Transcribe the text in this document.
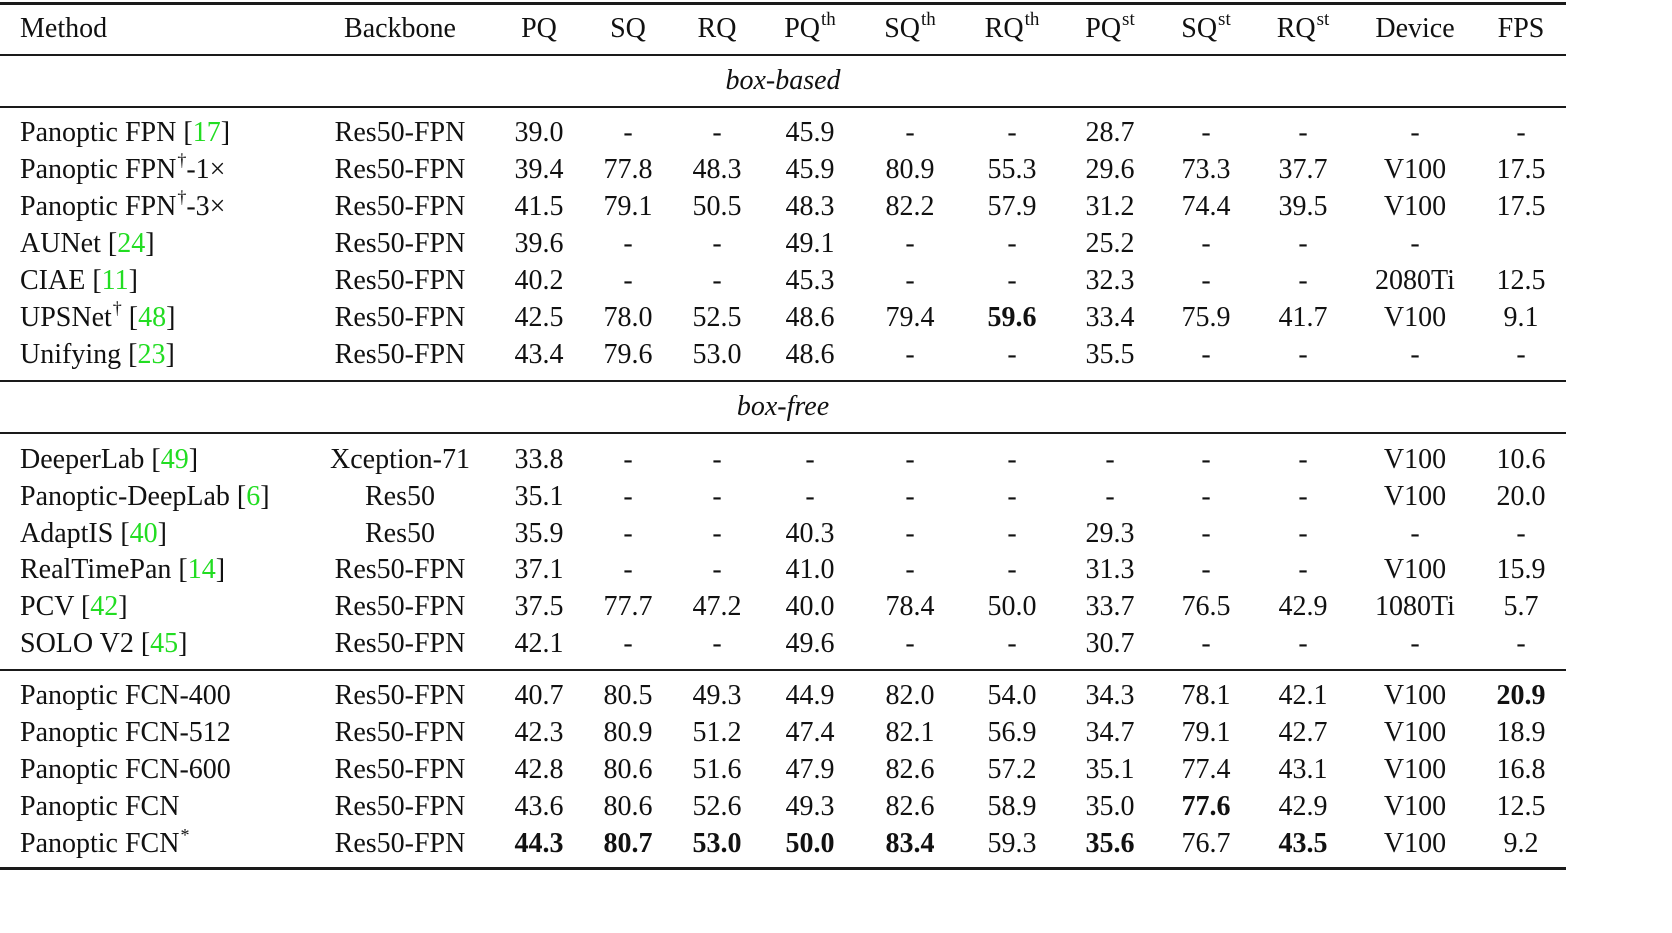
Method	Backbone PQ SQ RQ $PQ^{th}$ $SQ^{th}$ $RQ^{th}$ $PQ^{st}$ $SQ^{st}$ $RQ^{st}$ Device FPS
box-based
box-free
Panoptic FPN [17]	Res50-FPN 39.0 -	- 45.9	-	- 28.7 -	-	-	-
Panoptic FPN†-1×	Res50-FPN 39.4 77.8 48.3 45.9 80.9 55.3 29.6 73.3 37.7 V100 17.5
Panoptic FPN†-3×	Res50-FPN 41.5 79.1 50.5 48.3 82.2 57.9 31.2 74.4 39.5 V100 17.5
AUNet [24]	Res50-FPN 39.6 -	- 49.1	-	- 25.2 -	-	-
CIAE [11]	Res50-FPN 40.2 -	- 45.3	-	- 32.3 -	- 2080Ti 12.5
UPSNet† [48]	Res50-FPN 42.5 78.0 52.5 48.6 79.4 59.6 33.4 75.9 41.7 V100 9.1
Unifying [23]	Res50-FPN 43.4 79.6 53.0 48.6	-	- 35.5 -	-	-	-
DeeperLab [49]	Xception-71 33.8 -	-	-	-	-	-	-	-	V100 10.6
Panoptic-DeepLab [6]	Res50	35.1 -	-	-	-	-	-	-	-	V100 20.0
AdaptIS [40]	Res50	35.9 -	- 40.3	-	- 29.3 -	-	-	-
RealTimePan [14]	Res50-FPN 37.1 -	- 41.0	-	- 31.3 -	-	V100 15.9
PCV [42]	Res50-FPN 37.5 77.7 47.2 40.0 78.4 50.0 33.7 76.5 42.9 1080Ti 5.7
SOLO V2 [45]	Res50-FPN 42.1 -	- 49.6	-	- 30.7 -	-	-	-
Panoptic FCN-400	Res50-FPN 40.7 80.5 49.3 44.9 82.0 54.0 34.3 78.1 42.1 V100 20.9
Panoptic FCN-512	Res50-FPN 42.3 80.9 51.2 47.4 82.1 56.9 34.7 79.1 42.7 V100 18.9
Panoptic FCN-600	Res50-FPN 42.8 80.6 51.6 47.9 82.6 57.2 35.1 77.4 43.1 V100 16.8
Panoptic FCN	Res50-FPN 43.6 80.6 52.6 49.3 82.6 58.9 35.0 77.6 42.9 V100 12.5
Panoptic FCN*	Res50-FPN 44.3 80.7 53.0 50.0 83.4 59.3 35.6 76.7 43.5 V100 9.2
